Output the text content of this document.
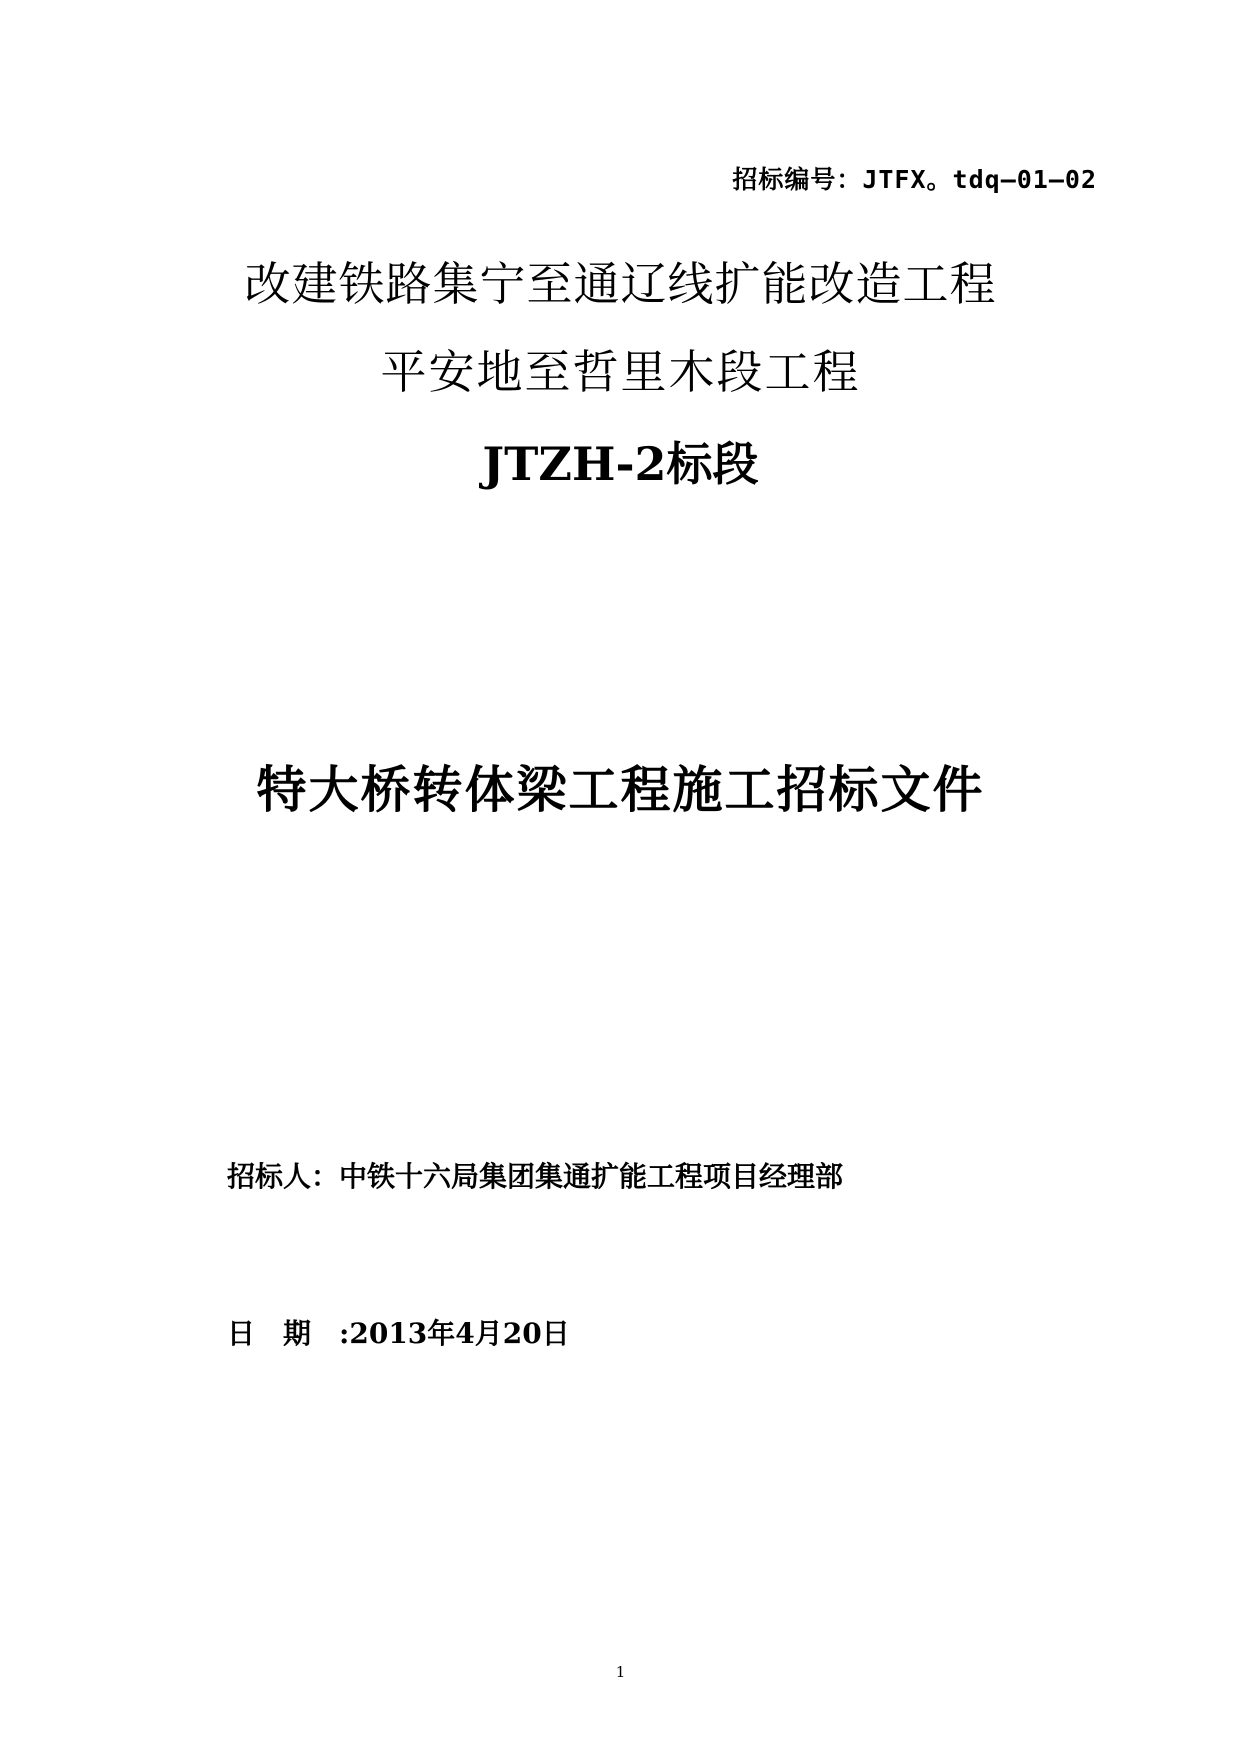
招标编号：JTFX。tdq—01—02
改建铁路集宁至通辽线扩能改造工程
平安地至哲里木段工程
JTZH-2标段
特大桥转体梁工程施工招标文件
招标人：中铁十六局集团集通扩能工程项目经理部
日期:2013年4月20日
1
